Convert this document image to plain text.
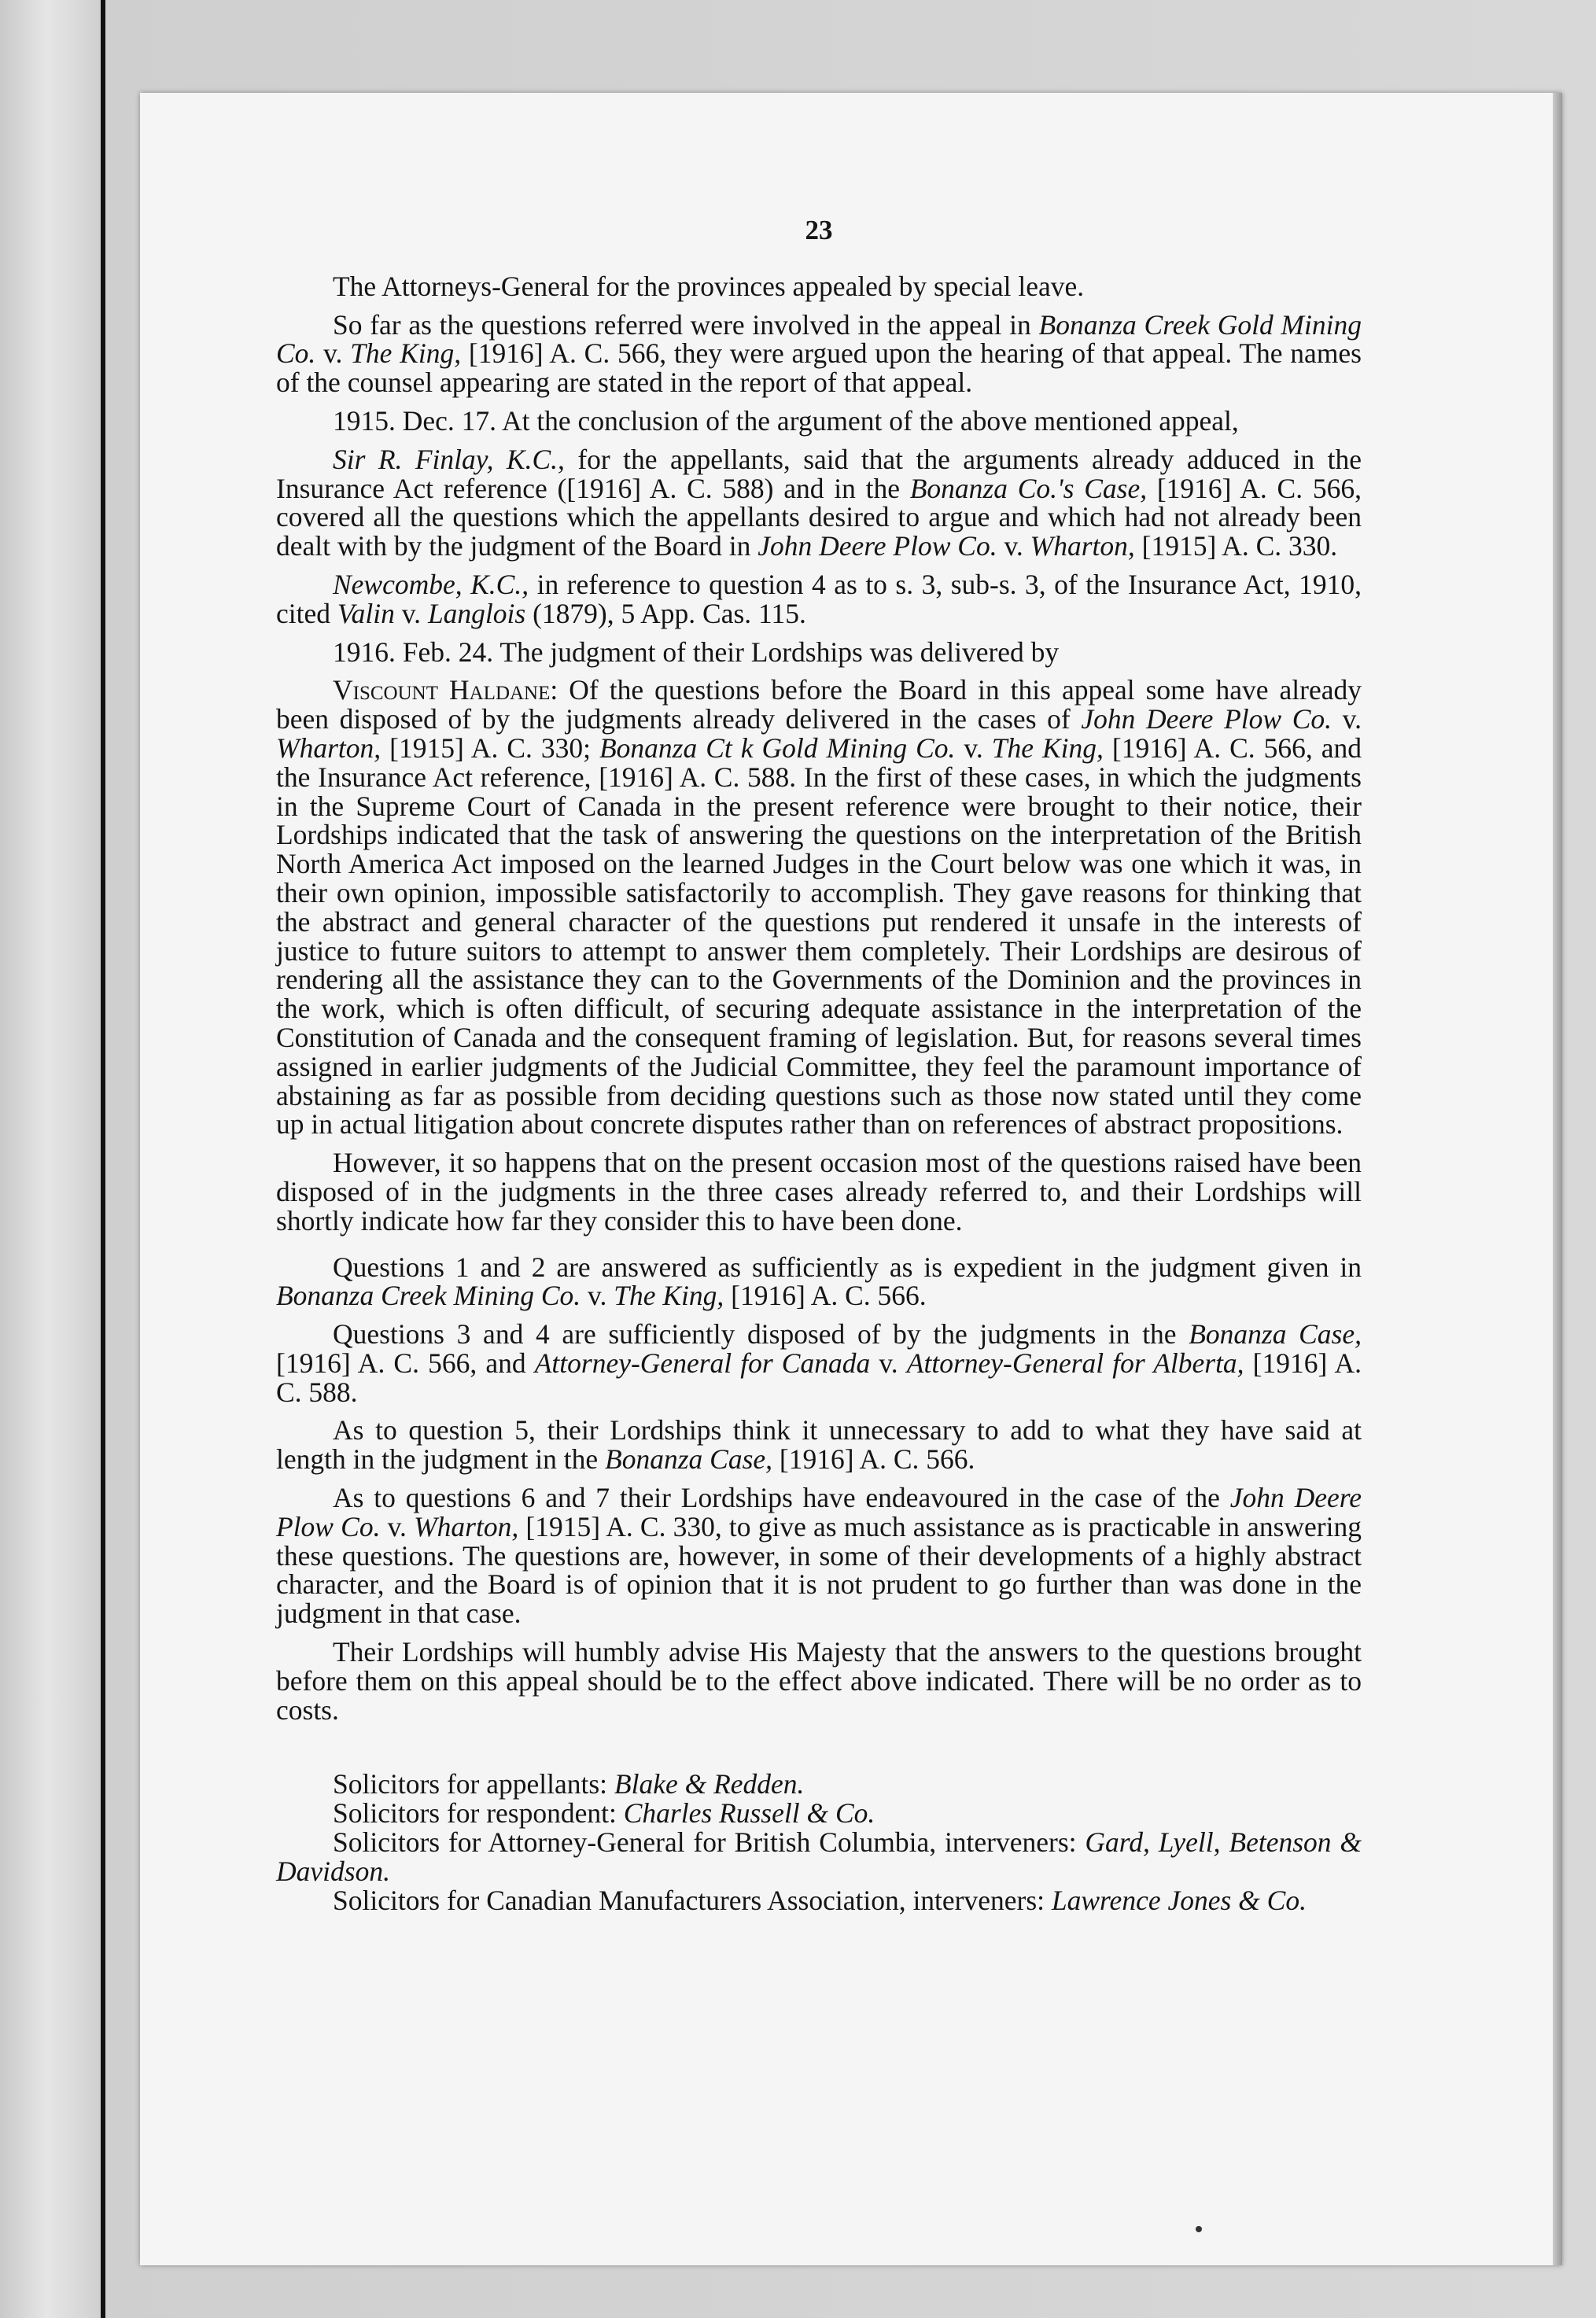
23

The Attorneys-General for the provinces appealed by special leave.

So far as the questions referred were involved in the appeal in Bonanza Creek Gold Mining Co. v. The King, [1916] A. C. 566, they were argued upon the hearing of that appeal. The names of the counsel appearing are stated in the report of that appeal.

1915. Dec. 17. At the conclusion of the argument of the above mentioned appeal,

Sir R. Finlay, K.C., for the appellants, said that the arguments already adduced in the Insurance Act reference ([1916] A. C. 588) and in the Bonanza Co.'s Case, [1916] A. C. 566, covered all the questions which the appellants desired to argue and which had not already been dealt with by the judgment of the Board in John Deere Plow Co. v. Wharton, [1915] A. C. 330.

Newcombe, K.C., in reference to question 4 as to s. 3, sub-s. 3, of the Insurance Act, 1910, cited Valin v. Langlois (1879), 5 App. Cas. 115.

1916. Feb. 24. The judgment of their Lordships was delivered by

Viscount Haldane: Of the questions before the Board in this appeal some have already been disposed of by the judgments already delivered in the cases of John Deere Plow Co. v. Wharton, [1915] A. C. 330; Bonanza Ct k Gold Mining Co. v. The King, [1916] A. C. 566, and the Insurance Act reference, [1916] A. C. 588. In the first of these cases, in which the judgments in the Supreme Court of Canada in the present reference were brought to their notice, their Lordships indicated that the task of answering the questions on the interpretation of the British North America Act imposed on the learned Judges in the Court below was one which it was, in their own opinion, impossible satisfactorily to accomplish. They gave reasons for thinking that the abstract and general character of the questions put rendered it unsafe in the interests of justice to future suitors to attempt to answer them completely. Their Lordships are desirous of rendering all the assistance they can to the Governments of the Dominion and the provinces in the work, which is often difficult, of securing adequate assistance in the interpretation of the Constitution of Canada and the consequent framing of legislation. But, for reasons several times assigned in earlier judgments of the Judicial Committee, they feel the paramount importance of abstaining as far as possible from deciding questions such as those now stated until they come up in actual litigation about concrete disputes rather than on references of abstract propositions.

However, it so happens that on the present occasion most of the questions raised have been disposed of in the judgments in the three cases already referred to, and their Lordships will shortly indicate how far they consider this to have been done.

Questions 1 and 2 are answered as sufficiently as is expedient in the judgment given in Bonanza Creek Mining Co. v. The King, [1916] A. C. 566.

Questions 3 and 4 are sufficiently disposed of by the judgments in the Bonanza Case, [1916] A. C. 566, and Attorney-General for Canada v. Attorney-General for Alberta, [1916] A. C. 588.

As to question 5, their Lordships think it unnecessary to add to what they have said at length in the judgment in the Bonanza Case, [1916] A. C. 566.

As to questions 6 and 7 their Lordships have endeavoured in the case of the John Deere Plow Co. v. Wharton, [1915] A. C. 330, to give as much assistance as is practicable in answering these questions. The questions are, however, in some of their developments of a highly abstract character, and the Board is of opinion that it is not prudent to go further than was done in the judgment in that case.

Their Lordships will humbly advise His Majesty that the answers to the questions brought before them on this appeal should be to the effect above indicated. There will be no order as to costs.

Solicitors for appellants: Blake & Redden.

Solicitors for respondent: Charles Russell & Co.

Solicitors for Attorney-General for British Columbia, interveners: Gard, Lyell, Betenson & Davidson.

Solicitors for Canadian Manufacturers Association, interveners: Lawrence Jones & Co.
